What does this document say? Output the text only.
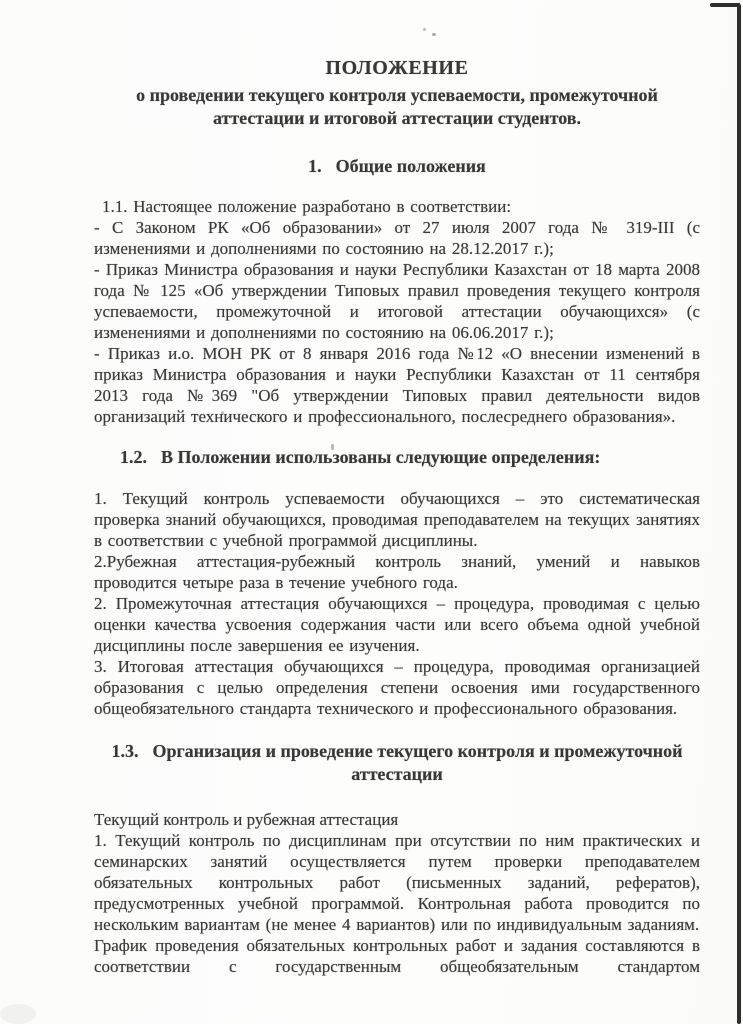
ПОЛОЖЕНИЕ
о проведении текущего контроля успеваемости, промежуточной
аттестации и итоговой аттестации студентов.
1. Общие положения

1.1. Настоящее положение разработано в соответствии:

- С Законом РК «Об образовании» от 27 июля 2007 года № 319-III (с изменениями и дополнениями по состоянию на 28.12.2017 г.);

- Приказ Министра образования и науки Республики Казахстан от 18 марта 2008 года № 125 «Об утверждении Типовых правил проведения текущего контроля успеваемости, промежуточной и итоговой аттестации обучающихся» (с изменениями и дополнениями по состоянию на 06.06.2017 г.);

- Приказ и.о. МОН РК от 8 января 2016 года №12 «О внесении изменений в приказ Министра образования и науки Республики Казахстан от 11 сентября 2013 года №369 "Об утверждении Типовых правил деятельности видов организаций технического и профессионального, послесреднего образования».

1.2. В Положении использованы следующие определения:

1. Текущий контроль успеваемости обучающихся – это систематическая проверка знаний обучающихся, проводимая преподавателем на текущих занятиях в соответствии с учебной программой дисциплины.

2.Рубежная аттестация-рубежный контроль знаний, умений и навыков проводится четыре раза в течение учебного года.

2. Промежуточная аттестация обучающихся – процедура, проводимая с целью оценки качества усвоения содержания части или всего объема одной учебной дисциплины после завершения ее изучения.

3. Итоговая аттестация обучающихся – процедура, проводимая организацией образования с целью определения степени освоения ими государственного общеобязательного стандарта технического и профессионального образования.

1.3. Организация и проведение текущего контроля и промежуточной
аттестации

Текущий контроль и рубежная аттестация

1. Текущий контроль по дисциплинам при отсутствии по ним практических и семинарских занятий осуществляется путем проверки преподавателем обязательных контрольных работ (письменных заданий, рефератов), предусмотренных учебной программой. Контрольная работа проводится по нескольким вариантам (не менее 4 вариантов) или по индивидуальным заданиям.

График проведения обязательных контрольных работ и задания составляются в соответствии с государственным общеобязательным стандартом
